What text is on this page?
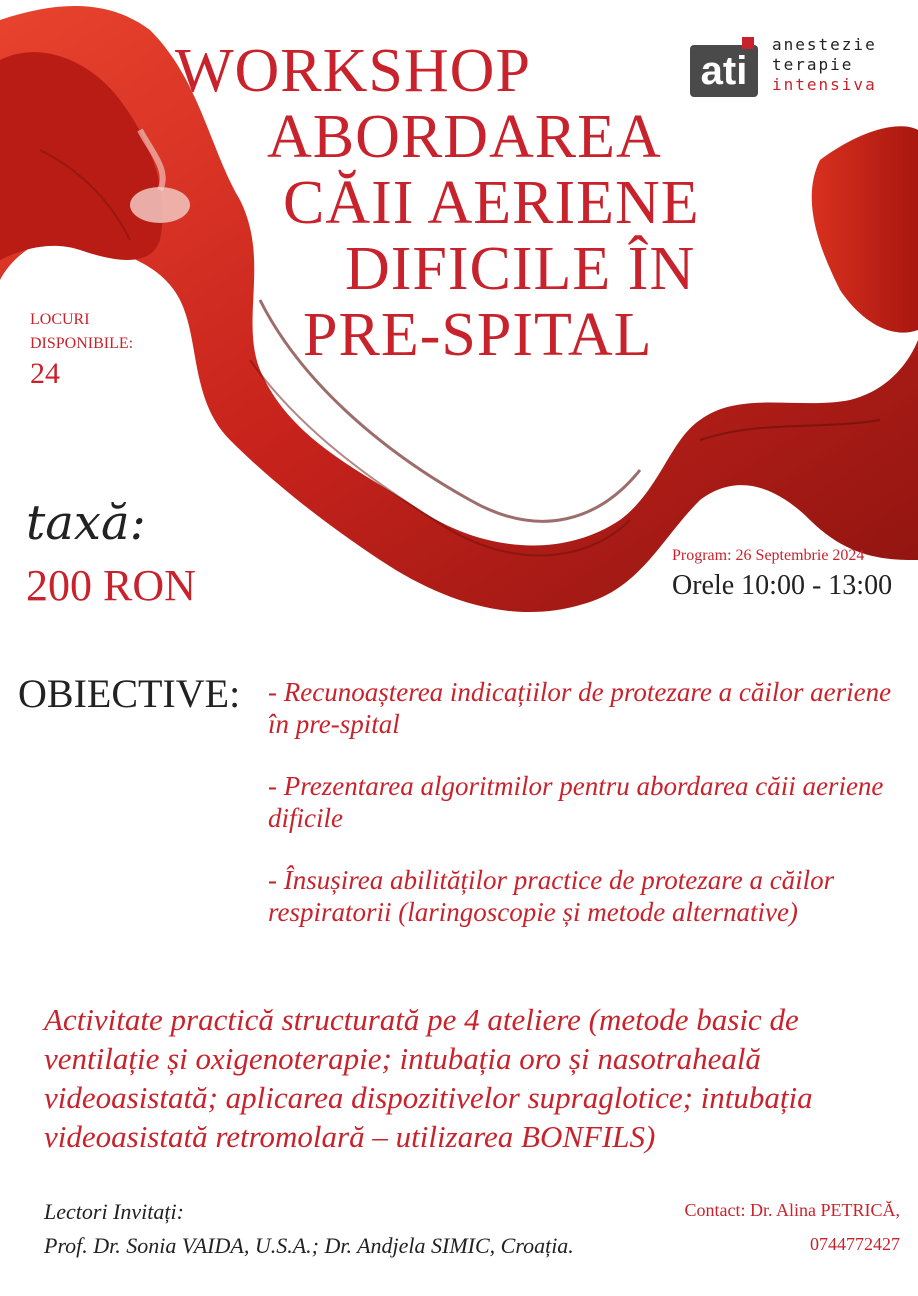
WORKSHOP
ABORDAREA
CĂII AERIENE
DIFICILE ÎN
PRE-SPITAL
ati
anestezie
terapie
intensiva
LOCURI
DISPONIBILE:
24
taxă:
200 RON
Program: 26 Septembrie 2024
Orele 10:00 - 13:00
OBIECTIVE: - Recunoașterea indicațiilor de protezare a căilor aeriene în pre-spital
- Prezentarea algoritmilor pentru abordarea căii aeriene dificile
- Însușirea abilităților practice de protezare a căilor respiratorii (laringoscopie și metode alternative)
Activitate practică structurată pe 4 ateliere (metode basic de ventilație și oxigenoterapie; intubația oro și nasotraheală videoasistată; aplicarea dispozitivelor supraglotice; intubația videoasistată retromolară – utilizarea BONFILS)
Lectori Invitați:
Prof. Dr. Sonia VAIDA, U.S.A.; Dr. Andjela SIMIC, Croația.
Contact: Dr. Alina PETRICĂ,
0744772427
